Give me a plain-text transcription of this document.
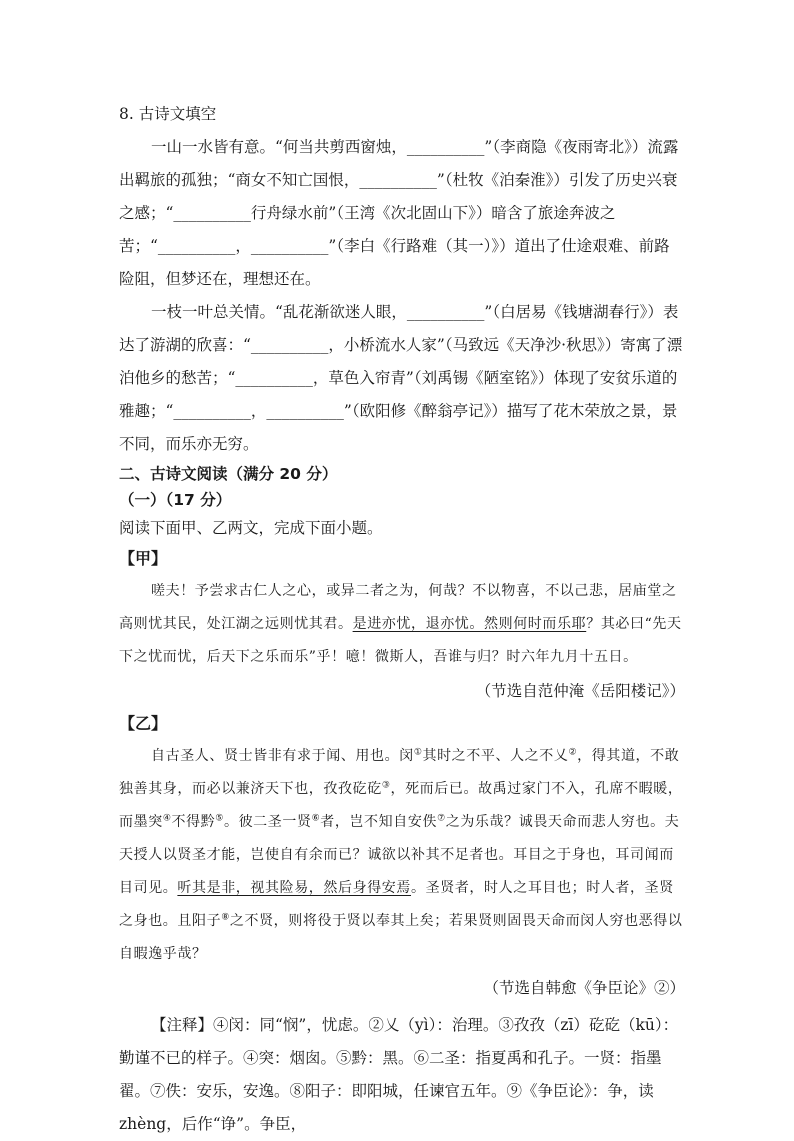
8. 古诗文填空

一山一水皆有意。“何当共剪西窗烛，__________”（李商隐《夜雨寄北》）流露出羁旅的孤独；“商女不知亡国恨，__________”（杜牧《泊秦淮》）引发了历史兴衰之感；“__________行舟绿水前”（王湾《次北固山下》）暗含了旅途奔波之苦；“__________，__________”（李白《行路难（其一）》）道出了仕途艰难、前路险阻，但梦还在，理想还在。

一枝一叶总关情。“乱花渐欲迷人眼，__________”（白居易《钱塘湖春行》）表达了游湖的欣喜：“__________，小桥流水人家”（马致远《天净沙·秋思》）寄寓了漂泊他乡的愁苦；“__________，草色入帘青”（刘禹锡《陋室铭》）体现了安贫乐道的雅趣；“__________，__________”（欧阳修《醉翁亭记》）描写了花木荣放之景，景不同，而乐亦无穷。

二、古诗文阅读（满分 20 分）

（一）（17 分）

阅读下面甲、乙两文，完成下面小题。

【甲】

嗟夫！予尝求古仁人之心，或异二者之为，何哉？不以物喜，不以己悲，居庙堂之高则忧其民，处江湖之远则忧其君。是进亦忧，退亦忧。然则何时而乐耶？其必曰“先天下之忧而忧，后天下之乐而乐”乎！噫！微斯人，吾谁与归？时六年九月十五日。

（节选自范仲淹《岳阳楼记》）

【乙】

自古圣人、贤士皆非有求于闻、用也。闵①其时之不平、人之不乂②，得其道，不敢独善其身，而必以兼济天下也，孜孜矻矻③，死而后已。故禹过家门不入，孔席不暇暖，而墨突④不得黔⑤。彼二圣一贤⑥者，岂不知自安佚⑦之为乐哉？诚畏天命而悲人穷也。夫天授人以贤圣才能，岂使自有余而已？诚欲以补其不足者也。耳目之于身也，耳司闻而目司见。听其是非，视其险易，然后身得安焉。圣贤者，时人之耳目也；时人者，圣贤之身也。且阳子⑧之不贤，则将役于贤以奉其上矣；若果贤则固畏天命而闵人穷也恶得以自暇逸乎哉？

（节选自韩愈《争臣论》②）

【注释】④闵：同“悯”，忧虑。②乂（yì）：治理。③孜孜（zī）矻矻（kū）：勤谨不已的样子。④突：烟囱。⑤黔：黑。⑥二圣：指夏禹和孔子。一贤：指墨翟。⑦佚：安乐，安逸。⑧阳子：即阳城，任谏官五年。⑨《争臣论》：争，读 zhèng，后作“诤”。争臣，
